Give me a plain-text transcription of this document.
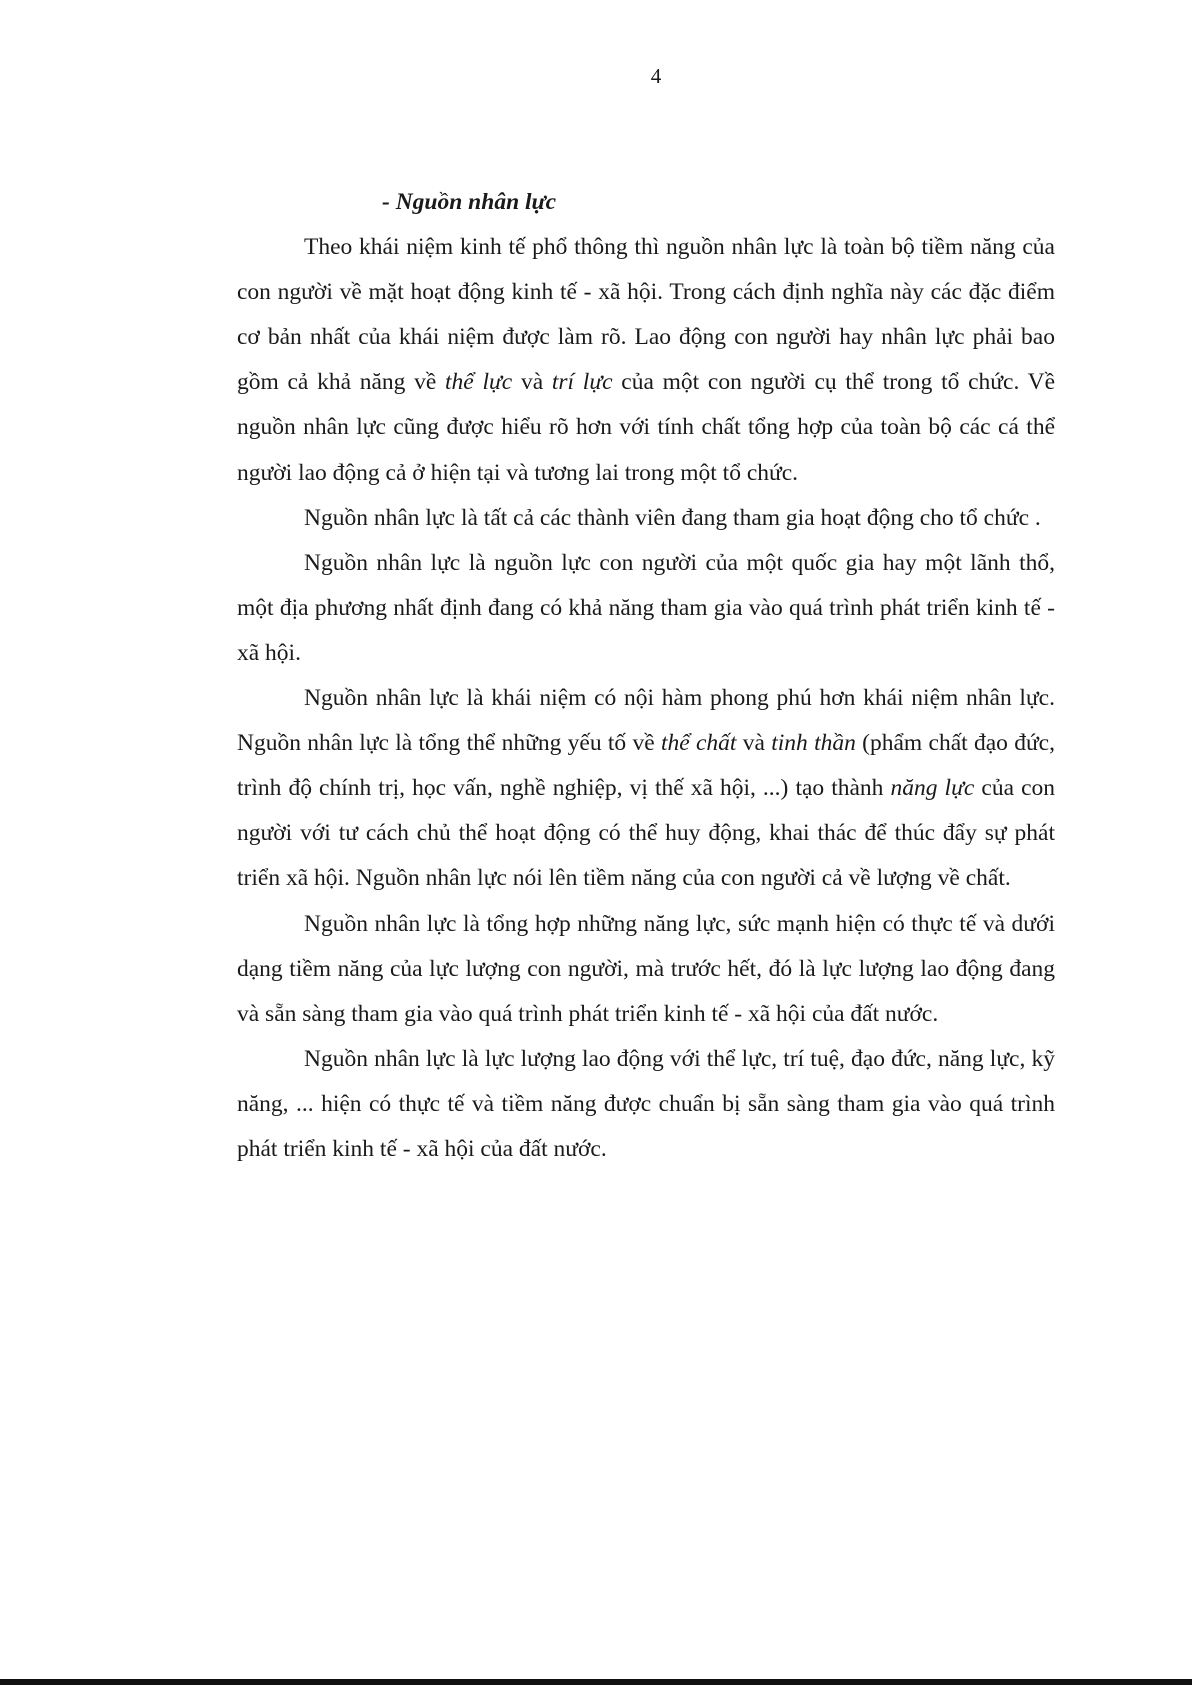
4

- Nguồn nhân lực

Theo khái niệm kinh tế phổ thông thì nguồn nhân lực là toàn bộ tiềm năng của con người về mặt hoạt động kinh tế - xã hội. Trong cách định nghĩa này các đặc điểm cơ bản nhất của khái niệm được làm rõ. Lao động con người hay nhân lực phải bao gồm cả khả năng về thể lực và trí lực của một con người cụ thể trong tổ chức. Về nguồn nhân lực cũng được hiểu rõ hơn với tính chất tổng hợp của toàn bộ các cá thể người lao động cả ở hiện tại và tương lai trong một tổ chức.

Nguồn nhân lực là tất cả các thành viên đang tham gia hoạt động cho tổ chức .

Nguồn nhân lực là nguồn lực con người của một quốc gia hay một lãnh thổ, một địa phương nhất định đang có khả năng tham gia vào quá trình phát triển kinh tế - xã hội.

Nguồn nhân lực là khái niệm có nội hàm phong phú hơn khái niệm nhân lực. Nguồn nhân lực là tổng thể những yếu tố về thể chất và tinh thần (phẩm chất đạo đức, trình độ chính trị, học vấn, nghề nghiệp, vị thế xã hội, ...) tạo thành năng lực của con người với tư cách chủ thể hoạt động có thể huy động, khai thác để thúc đẩy sự phát triển xã hội. Nguồn nhân lực nói lên tiềm năng của con người cả về lượng về chất.

Nguồn nhân lực là tổng hợp những năng lực, sức mạnh hiện có thực tế và dưới dạng tiềm năng của lực lượng con người, mà trước hết, đó là lực lượng lao động đang và sẵn sàng tham gia vào quá trình phát triển kinh tế - xã hội của đất nước.

Nguồn nhân lực là lực lượng lao động với thể lực, trí tuệ, đạo đức, năng lực, kỹ năng, ... hiện có thực tế và tiềm năng được chuẩn bị sẵn sàng tham gia vào quá trình phát triển kinh tế - xã hội của đất nước.
